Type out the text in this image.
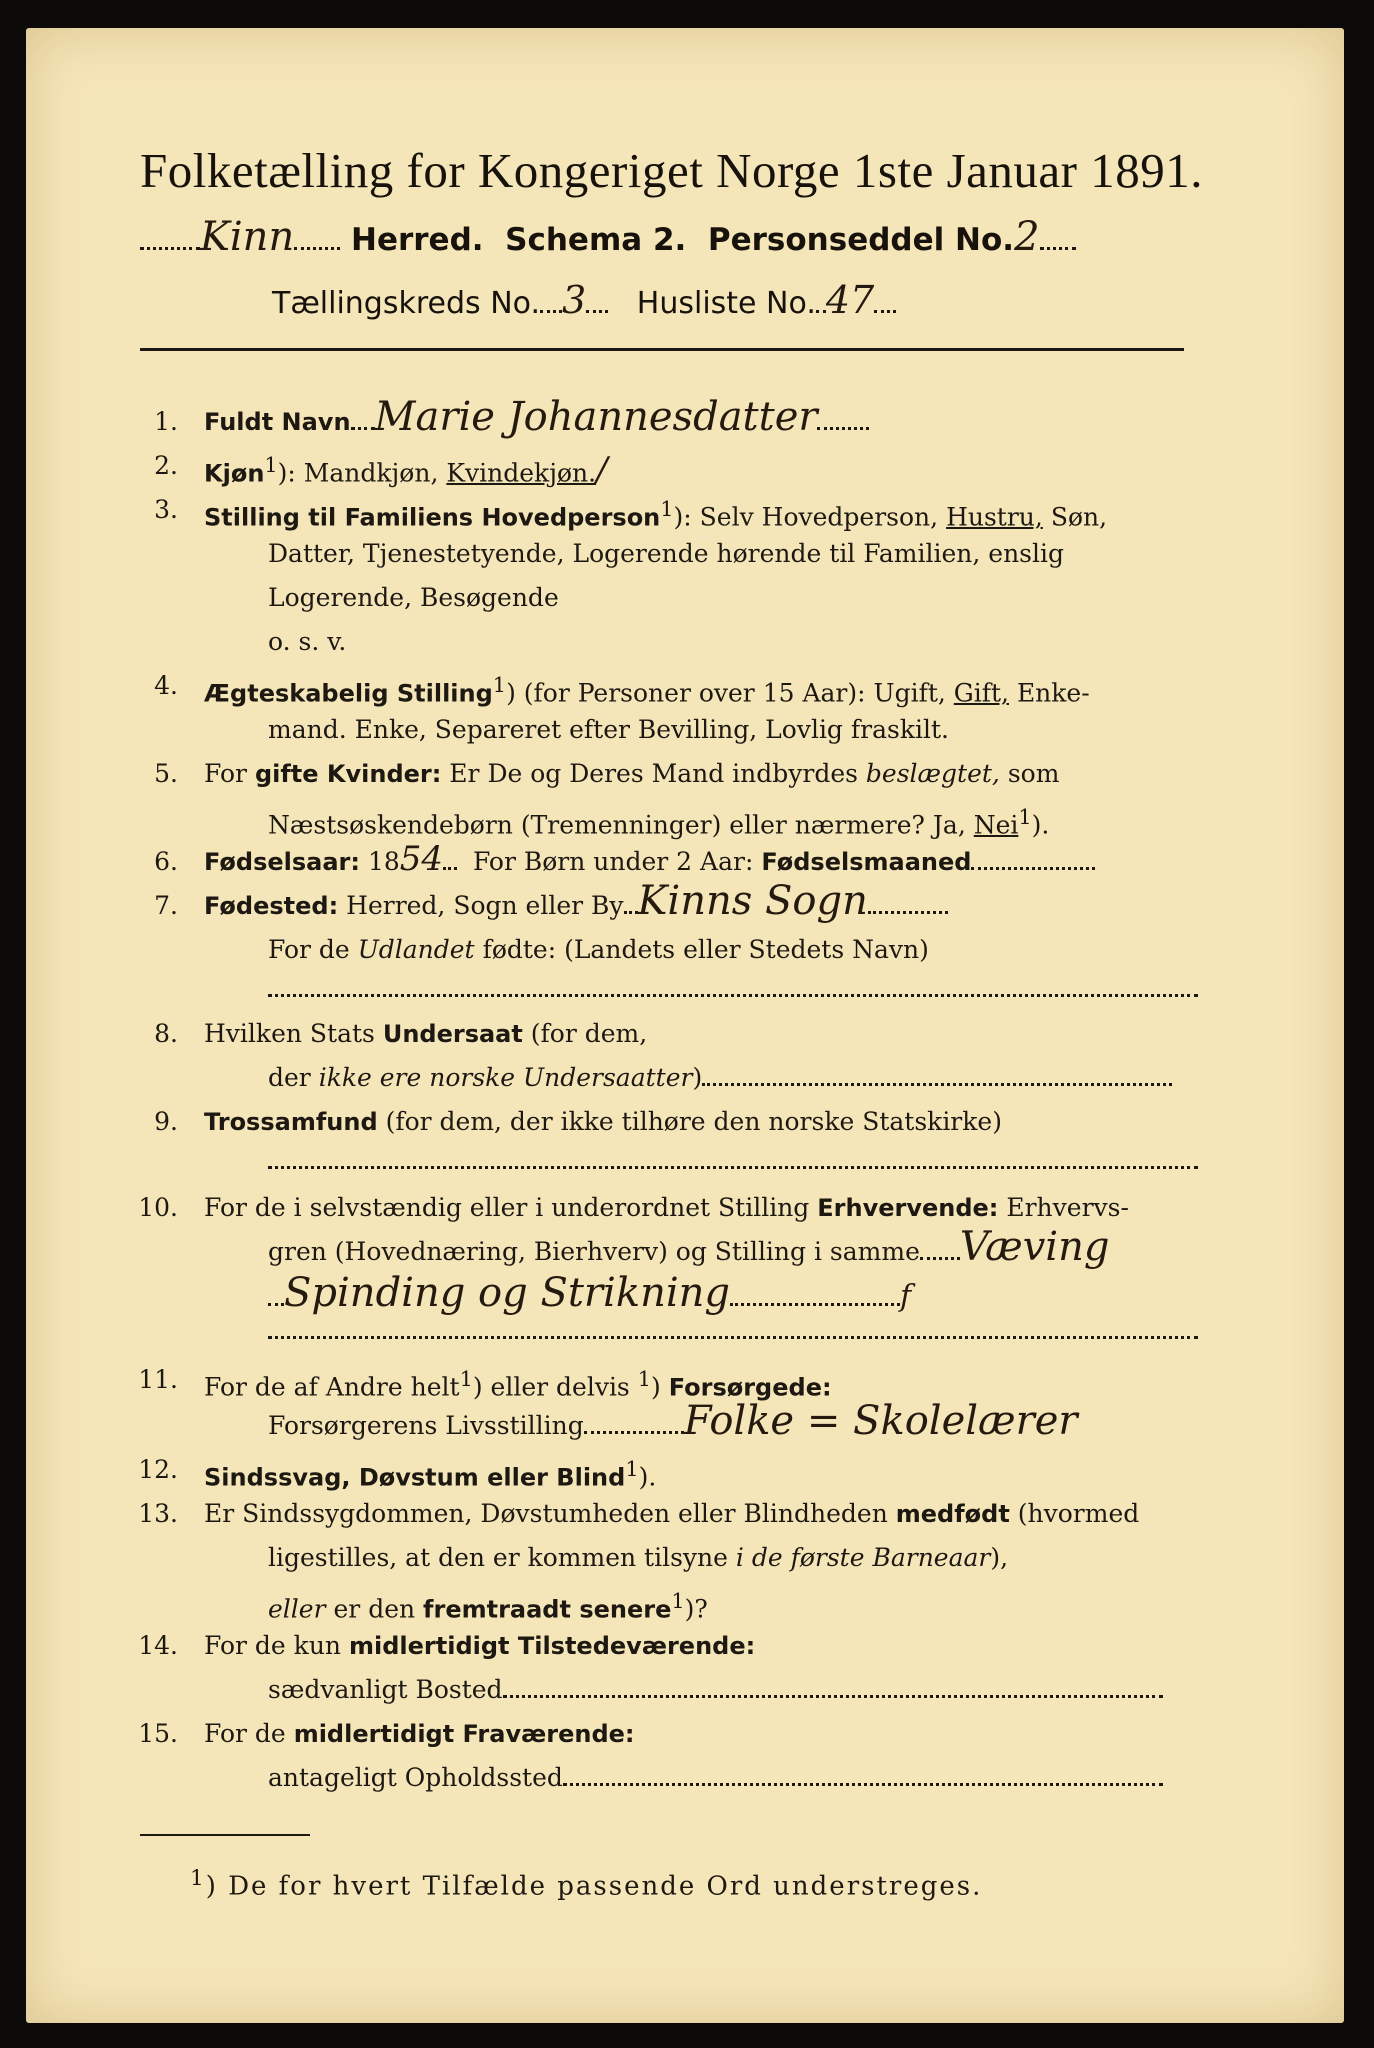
Folketælling for Kongeriget Norge 1ste Januar 1891.
Kinn Herred. Schema 2. Personseddel No.2
Tællingskreds No. 3 Husliste No. 47
1. Fuldt Navn Marie Johannesdatter
2. Kjøn$^1$): Mandkjøn, Kvindekjøn./
3. Stilling til Familiens Hovedperson$^1$): Selv Hovedperson, Hustru, Søn,
Datter, Tjenestetyende, Logerende hørende til Familien, enslig
Logerende, Besøgende
o. s. v.
4. Ægteskabelig Stilling$^1$) (for Personer over 15 Aar): Ugift, Gift, Enke-
mand. Enke, Separeret efter Bevilling, Lovlig fraskilt.
5. For gifte Kvinder: Er De og Deres Mand indbyrdes beslægtet, som
Næstsøskendebørn (Tremenninger) eller nærmere? Ja, Nei$^1$).
6. Fødselsaar: 1854 For Børn under 2 Aar: Fødselsmaaned
7. Fødested: Herred, Sogn eller By Kinns Sogn
For de Udlandet fødte: (Landets eller Stedets Navn)
8. Hvilken Stats Undersaat (for dem,
der ikke ere norske Undersaatter)
9. Trossamfund (for dem, der ikke tilhøre den norske Statskirke)
10. For de i selvstændig eller i underordnet Stilling Erhvervende: Erhvervs-
gren (Hovednæring, Bierhverv) og Stilling i samme Væving
Spinding og Strikning	f
11. For de af Andre helt$^1$) eller delvis $^1$) Forsørgede:
Forsørgerens Livsstilling	Folke = Skolelærer
12. Sindssvag, Døvstum eller Blind$^1$).
13. Er Sindssygdommen, Døvstumheden eller Blindheden medfødt (hvormed
ligestilles, at den er kommen tilsyne i de første Barneaar),
eller er den fremtraadt senere$^1$)?
14. For de kun midlertidigt Tilstedeværende:
sædvanligt Bosted
15. For de midlertidigt Fraværende:
antageligt Opholdssted
$^1$) De for hvert Tilfælde passende Ord understreges.
